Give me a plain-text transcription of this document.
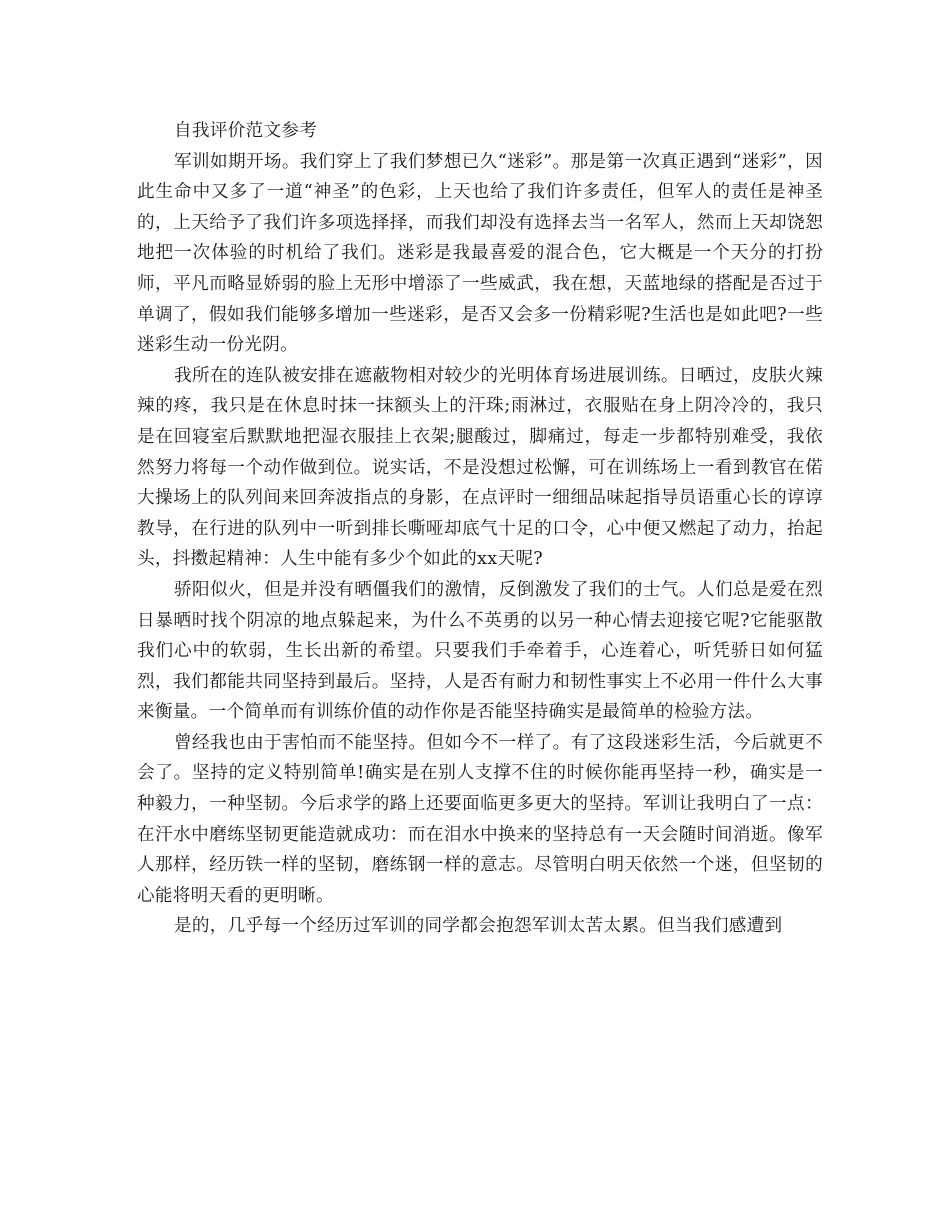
自我评价范文参考

军训如期开场。我们穿上了我们梦想已久“迷彩”。那是第一次真正遇到“迷彩”，因此生命中又多了一道“神圣”的色彩，上天也给了我们许多责任，但军人的责任是神圣的，上天给予了我们许多项选择择，而我们却没有选择去当一名军人，然而上天却饶恕地把一次体验的时机给了我们。迷彩是我最喜爱的混合色，它大概是一个天分的打扮师，平凡而略显娇弱的脸上无形中增添了一些威武，我在想，天蓝地绿的搭配是否过于单调了，假如我们能够多增加一些迷彩，是否又会多一份精彩呢?生活也是如此吧?一些迷彩生动一份光阴。

我所在的连队被安排在遮蔽物相对较少的光明体育场进展训练。日晒过，皮肤火辣辣的疼，我只是在休息时抹一抹额头上的汗珠;雨淋过，衣服贴在身上阴冷冷的，我只是在回寝室后默默地把湿衣服挂上衣架;腿酸过，脚痛过，每走一步都特别难受，我依然努力将每一个动作做到位。说实话，不是没想过松懈，可在训练场上一看到教官在偌大操场上的队列间来回奔波指点的身影，在点评时一细细品味起指导员语重心长的谆谆教导，在行进的队列中一听到排长嘶哑却底气十足的口令，心中便又燃起了动力，抬起头，抖擞起精神：人生中能有多少个如此的xx天呢?

骄阳似火，但是并没有晒僵我们的激情，反倒激发了我们的士气。人们总是爱在烈日暴晒时找个阴凉的地点躲起来，为什么不英勇的以另一种心情去迎接它呢?它能驱散我们心中的软弱，生长出新的希望。只要我们手牵着手，心连着心，听凭骄日如何猛烈，我们都能共同坚持到最后。坚持，人是否有耐力和韧性事实上不必用一件什么大事来衡量。一个简单而有训练价值的动作你是否能坚持确实是最简单的检验方法。

曾经我也由于害怕而不能坚持。但如今不一样了。有了这段迷彩生活，今后就更不会了。坚持的定义特别简单!确实是在别人支撑不住的时候你能再坚持一秒，确实是一种毅力，一种坚韧。今后求学的路上还要面临更多更大的坚持。军训让我明白了一点：在汗水中磨练坚韧更能造就成功：而在泪水中换来的坚持总有一天会随时间消逝。像军人那样，经历铁一样的坚韧，磨练钢一样的意志。尽管明白明天依然一个迷，但坚韧的心能将明天看的更明晰。

是的，几乎每一个经历过军训的同学都会抱怨军训太苦太累。但当我们感遭到
